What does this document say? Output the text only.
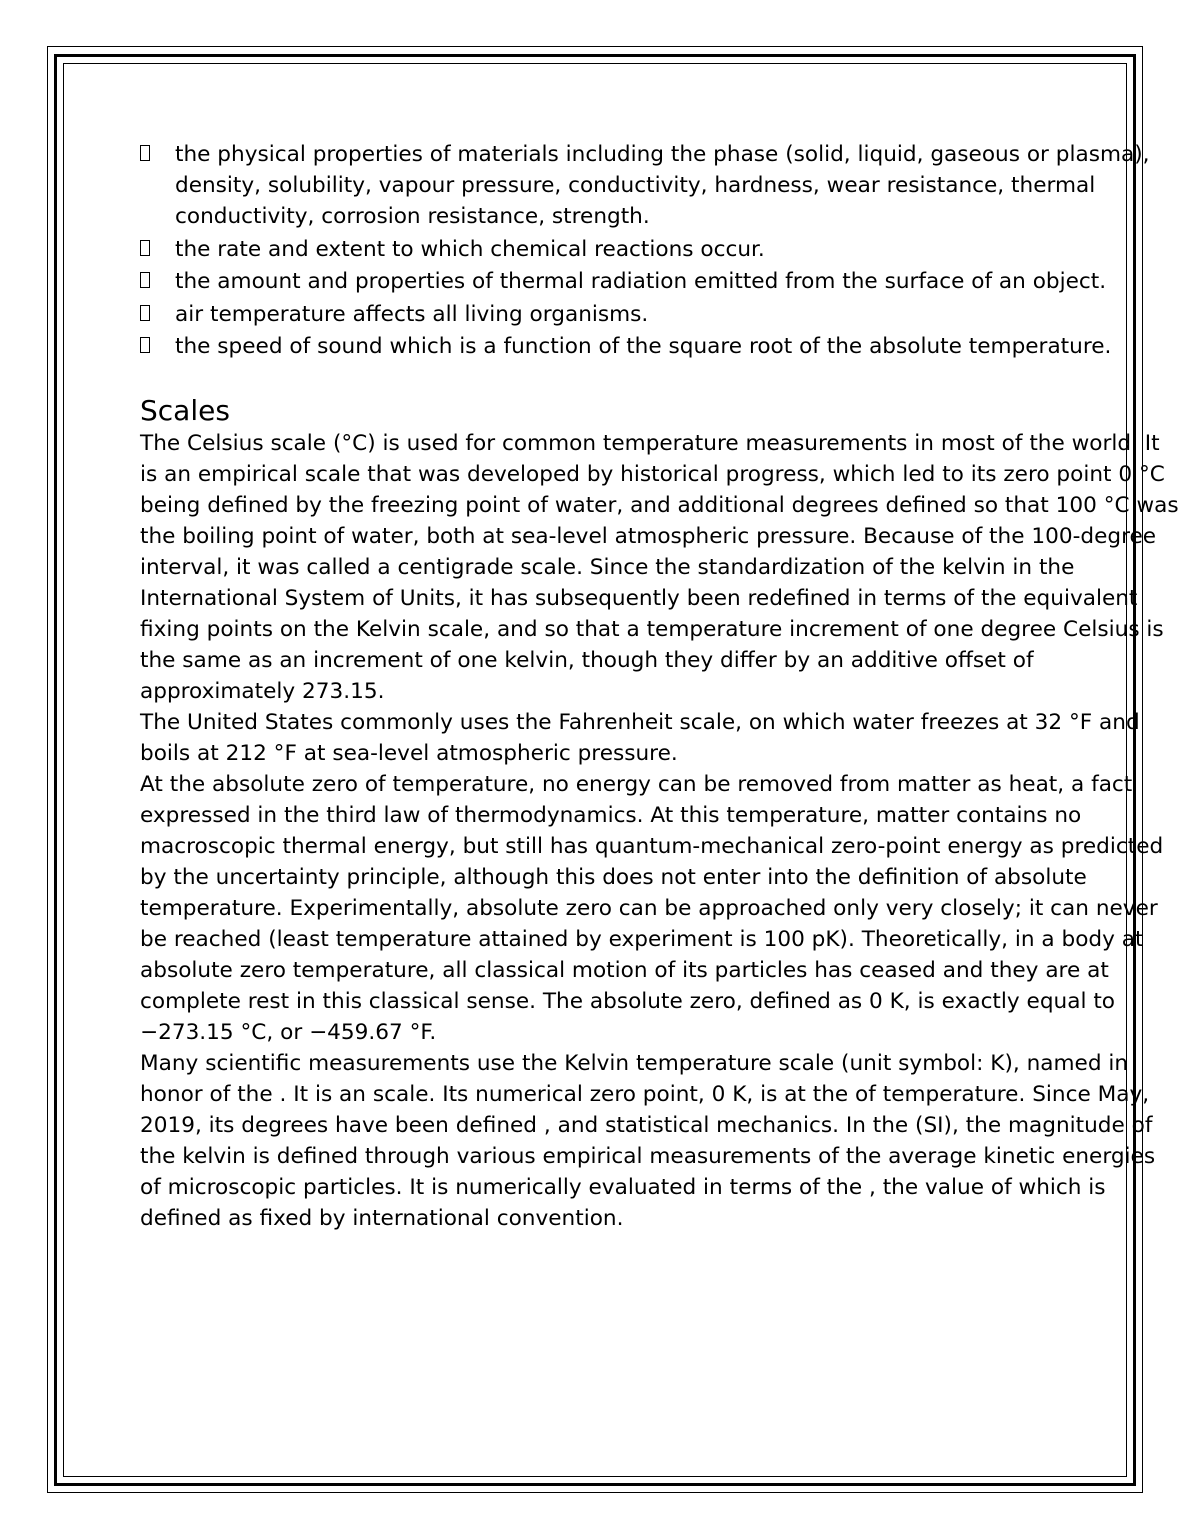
the physical properties of materials including the phase (solid, liquid, gaseous or plasma), density, solubility, vapour pressure, conductivity, hardness, wear resistance, thermal conductivity, corrosion resistance, strength.
the rate and extent to which chemical reactions occur.
the amount and properties of thermal radiation emitted from the surface of an object.
air temperature affects all living organisms.
the speed of sound which is a function of the square root of the absolute temperature.
Scales

The Celsius scale (°C) is used for common temperature measurements in most of the world. It is an empirical scale that was developed by historical progress, which led to its zero point 0 °C being defined by the freezing point of water, and additional degrees defined so that 100 °C was the boiling point of water, both at sea-level atmospheric pressure. Because of the 100-degree interval, it was called a centigrade scale. Since the standardization of the kelvin in the International System of Units, it has subsequently been redefined in terms of the equivalent fixing points on the Kelvin scale, and so that a temperature increment of one degree Celsius is the same as an increment of one kelvin, though they differ by an additive offset of approximately 273.15.

The United States commonly uses the Fahrenheit scale, on which water freezes at 32 °F and boils at 212 °F at sea-level atmospheric pressure.

At the absolute zero of temperature, no energy can be removed from matter as heat, a fact expressed in the third law of thermodynamics. At this temperature, matter contains no macroscopic thermal energy, but still has quantum-mechanical zero-point energy as predicted by the uncertainty principle, although this does not enter into the definition of absolute temperature. Experimentally, absolute zero can be approached only very closely; it can never be reached (least temperature attained by experiment is 100 pK). Theoretically, in a body at absolute zero temperature, all classical motion of its particles has ceased and they are at complete rest in this classical sense. The absolute zero, defined as 0 K, is exactly equal to −273.15 °C, or −459.67 °F.

Many scientific measurements use the Kelvin temperature scale (unit symbol: K), named in honor of the . It is an scale. Its numerical zero point, 0 K, is at the of temperature. Since May, 2019, its degrees have been defined , and statistical mechanics. In the (SI), the magnitude of the kelvin is defined through various empirical measurements of the average kinetic energies of microscopic particles. It is numerically evaluated in terms of the , the value of which is defined as fixed by international convention.
